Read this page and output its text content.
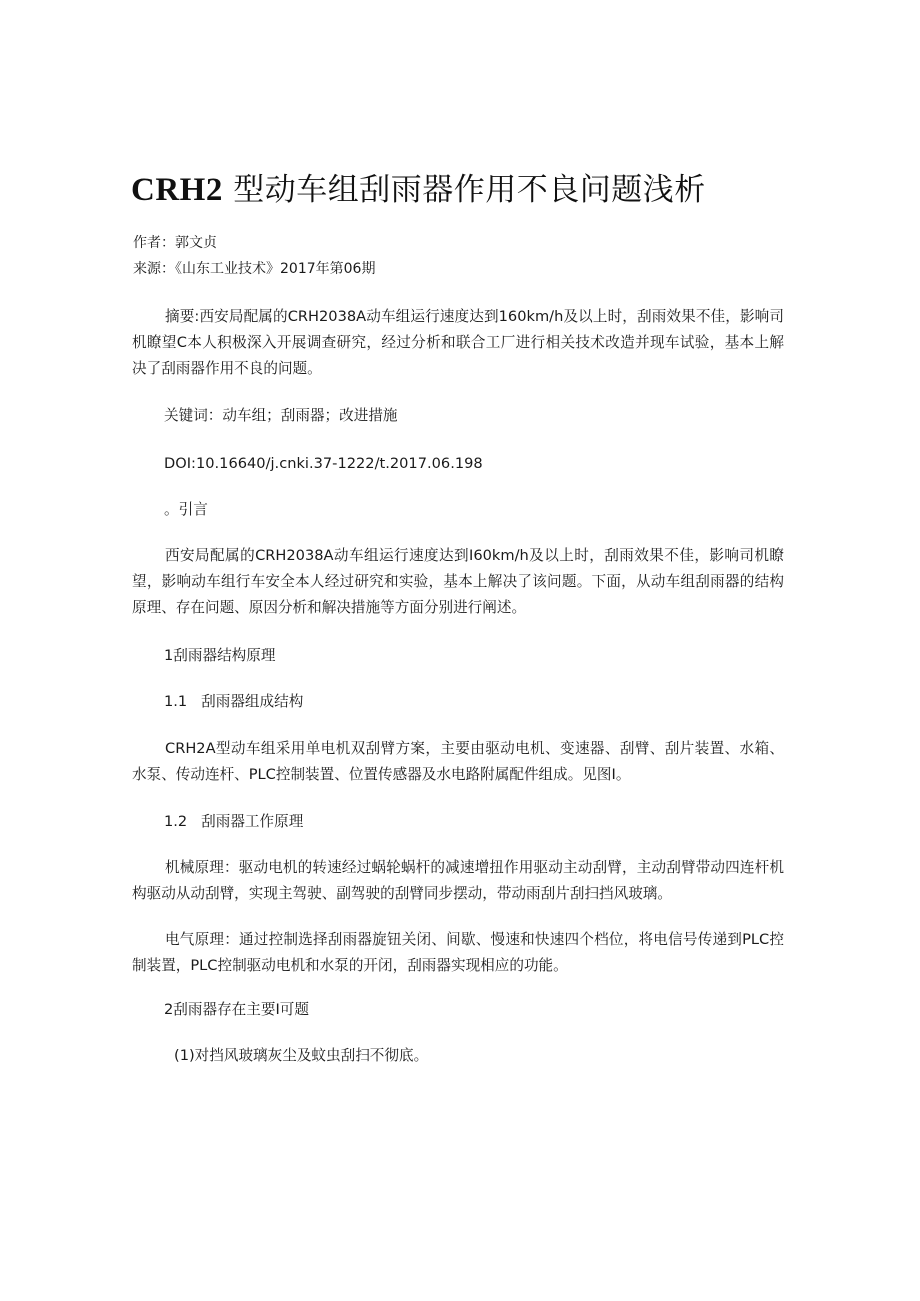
CRH2 型动车组刮雨器作用不良问题浅析
作者：郭文贞
来源：《山东工业技术》2017年第06期

摘要:西安局配属的CRH2038A动车组运行速度达到160km∕h及以上时，刮雨效果不佳，影响司机瞭望C本人积极深入开展调查研究，经过分析和联合工厂进行相关技术改造并现车试验，基本上解决了刮雨器作用不良的问题。

关键词：动车组；刮雨器；改进措施
DOI:10.16640/j.cnki.37-1222∕t.2017.06.198
。引言

西安局配属的CRH2038A动车组运行速度达到I60km∕h及以上时，刮雨效果不佳，影响司机瞭望，影响动车组行车安全本人经过研究和实验，基本上解决了该问题。下面，从动车组刮雨器的结构原理、存在问题、原因分析和解决措施等方面分别进行阐述。

1刮雨器结构原理
1.1   刮雨器组成结构

CRH2A型动车组采用单电机双刮臂方案，主要由驱动电机、变速器、刮臂、刮片装置、水箱、水泵、传动连杆、PLC控制装置、位置传感器及水电路附属配件组成。见图I。

1.2   刮雨器工作原理

机械原理：驱动电机的转速经过蜗轮蜗杆的减速增扭作用驱动主动刮臂，主动刮臂带动四连杆机构驱动从动刮臂，实现主驾驶、副驾驶的刮臂同步摆动，带动雨刮片刮扫挡风玻璃。

电气原理：通过控制选择刮雨器旋钮关闭、间歇、慢速和快速四个档位，将电信号传递到PLC控制装置，PLC控制驱动电机和水泵的开闭，刮雨器实现相应的功能。

2刮雨器存在主要I可题
(1)对挡风玻璃灰尘及蚊虫刮扫不彻底。
